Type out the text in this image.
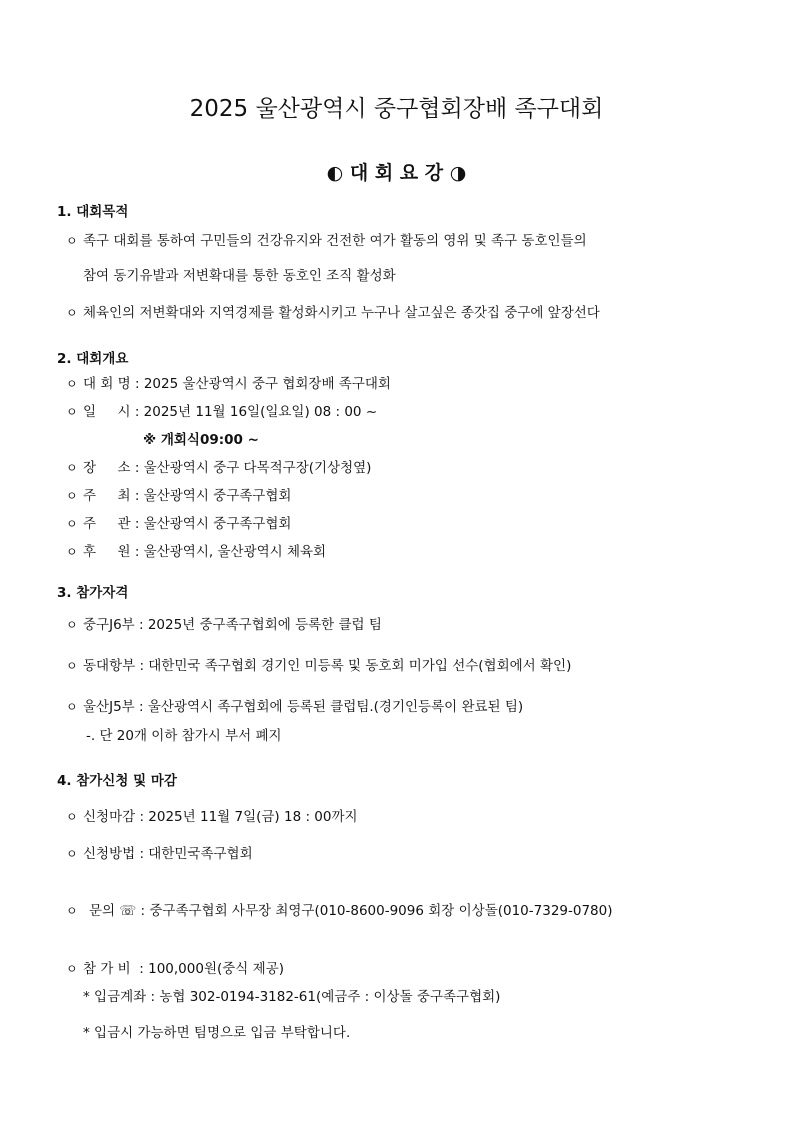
2025 울산광역시 중구협회장배 족구대회
◐ 대 회 요 강 ◑
1. 대회목적
ㅇ 족구 대회를 통하여 구민들의 건강유지와 건전한 여가 활동의 영위 및 족구 동호인들의
참여 동기유발과 저변확대를 통한 동호인 조직 활성화
ㅇ 체육인의 저변확대와 지역경제를 활성화시키고 누구나 살고싶은 종갓집 중구에 앞장선다
2. 대회개요
ㅇ 대 회 명 : 2025 울산광역시 중구 협회장배 족구대회
ㅇ 일     시 : 2025년 11월 16일(일요일) 08 : 00 ~
※ 개회식09:00 ~
ㅇ 장     소 : 울산광역시 중구 다목적구장(기상청옆)
ㅇ 주     최 : 울산광역시 중구족구협회
ㅇ 주     관 : 울산광역시 중구족구협회
ㅇ 후     원 : 울산광역시, 울산광역시 체육회
3. 참가자격
ㅇ 중구J6부 : 2025년 중구족구협회에 등록한 클럽 팀
ㅇ 동대항부 : 대한민국 족구협회 경기인 미등록 및 동호회 미가입 선수(협회에서 확인)
ㅇ 울산J5부 : 울산광역시 족구협회에 등록된 클럽팀.(경기인등록이 완료된 팀)
-. 단 20개 이하 참가시 부서 폐지
4. 참가신청 및 마감
ㅇ 신청마감 : 2025년 11월 7일(금) 18 : 00까지
ㅇ 신청방법 : 대한민국족구협회
ㅇ 문의 ☏ : 중구족구협회 사무장 최영구(010-8600-9096 회장 이상돌(010-7329-0780)
ㅇ 참 가 비  : 100,000원(중식 제공)
* 입금계좌 : 농협 302-0194-3182-61(예금주 : 이상돌 중구족구협회)
* 입금시 가능하면 팀명으로 입금 부탁합니다.
